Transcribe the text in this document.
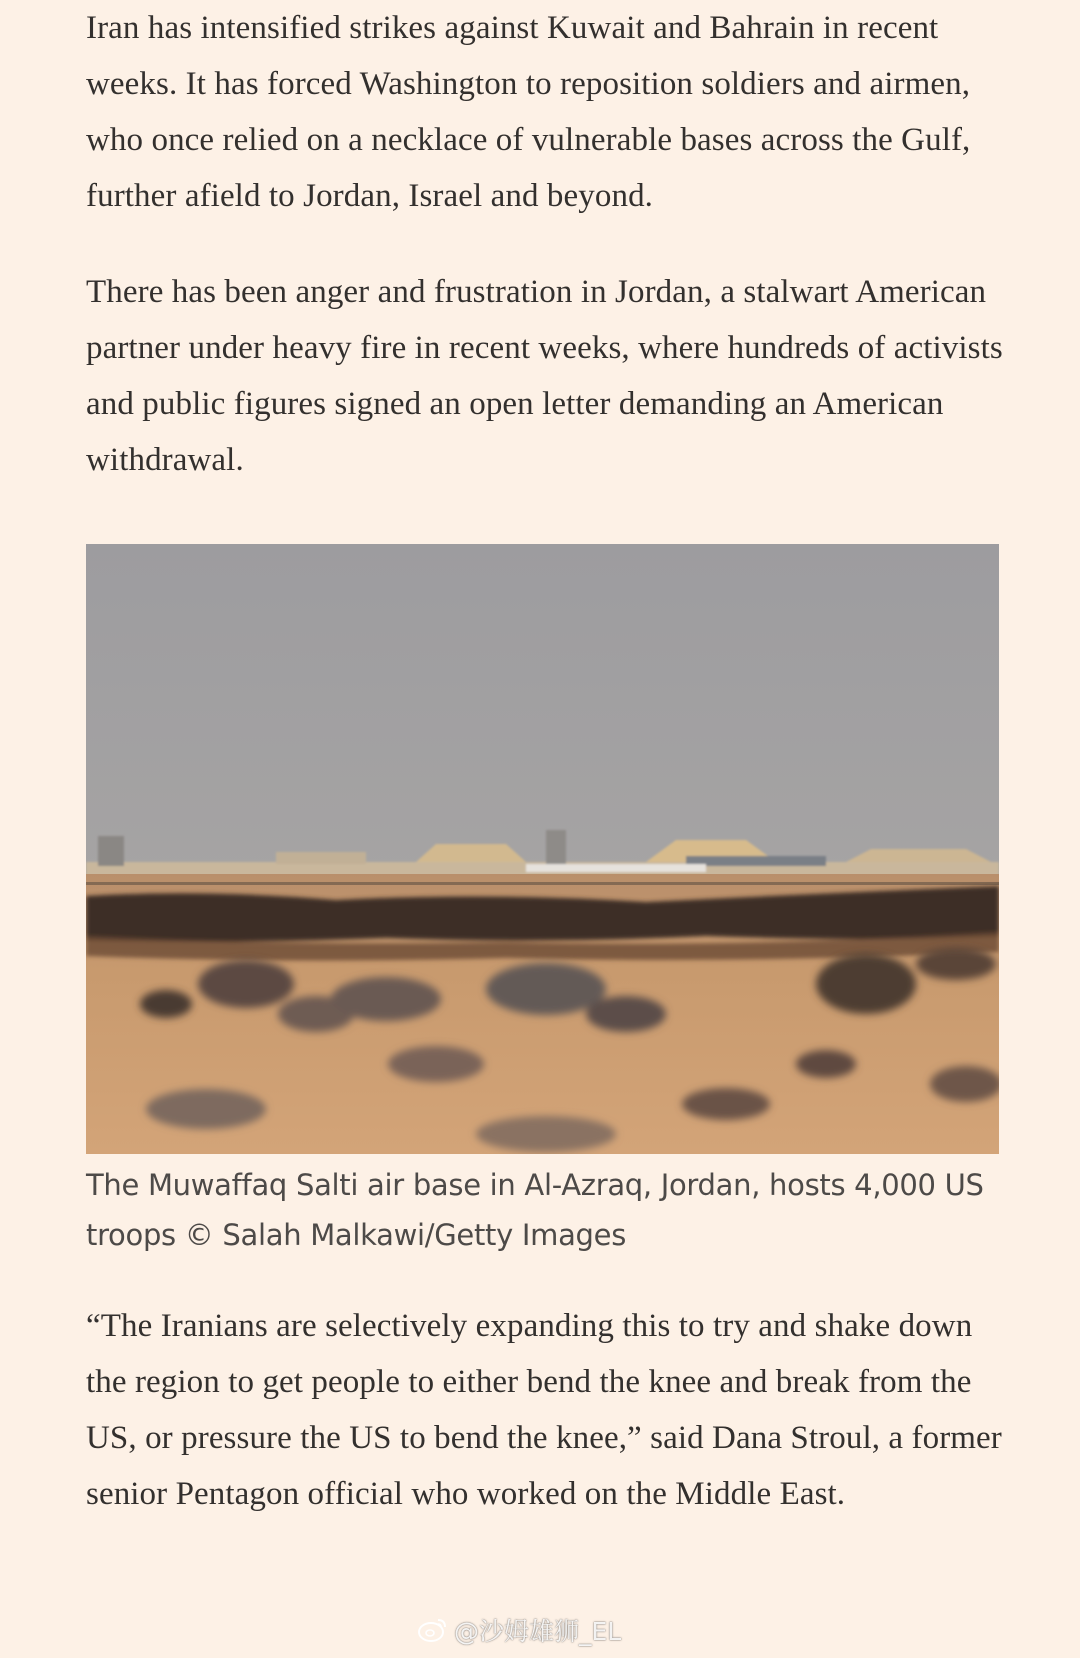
Iran has intensified strikes against Kuwait and Bahrain in recent weeks. It has forced Washington to reposition soldiers and airmen, who once relied on a necklace of vulnerable bases across the Gulf, further afield to Jordan, Israel and beyond.

There has been anger and frustration in Jordan, a stalwart American partner under heavy fire in recent weeks, where hundreds of activists and public figures signed an open letter demanding an American withdrawal.

The Muwaffaq Salti air base in Al-Azraq, Jordan, hosts 4,000 US troops © Salah Malkawi/Getty Images

“The Iranians are selectively expanding this to try and shake down the region to get people to either bend the knee and break from the US, or pressure the US to bend the knee,” said Dana Stroul, a former senior Pentagon official who worked on the Middle East.

@沙姆雄狮_EL
